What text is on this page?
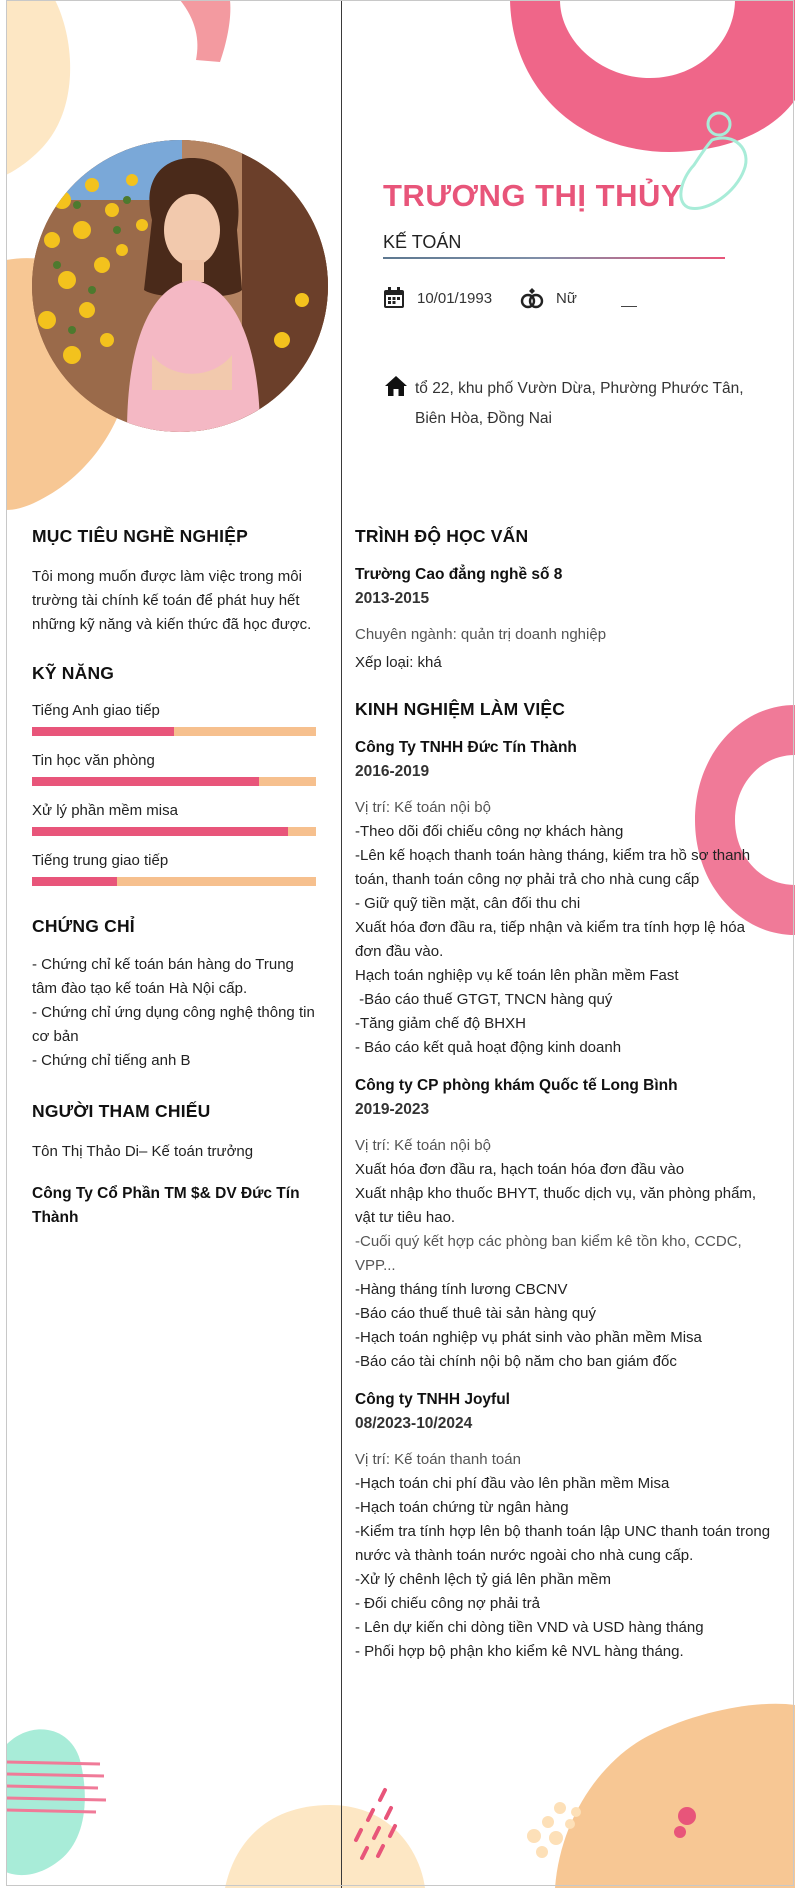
TRƯƠNG THỊ THỦY
KẾ TOÁN
10/01/1993	Nữ
tổ 22, khu phố Vườn Dừa, Phường Phước Tân, Biên Hòa, Đồng Nai
MỤC TIÊU NGHỀ NGHIỆP

Tôi mong muốn được làm việc trong môi trường tài chính kế toán để phát huy hết những kỹ năng và kiến thức đã học được.

KỸ NĂNG

Tiếng Anh giao tiếp

Tin học văn phòng

Xử lý phần mềm misa

Tiếng trung giao tiếp

CHỨNG CHỈ

- Chứng chỉ kế toán bán hàng do Trung tâm đào tạo kế toán Hà Nội cấp.

- Chứng chỉ ứng dụng công nghệ thông tin cơ bản

- Chứng chỉ tiếng anh B

NGƯỜI THAM CHIẾU

Tôn Thị Thảo Di– Kế toán trưởng

Công Ty Cổ Phần TM $& DV Đức Tín Thành

TRÌNH ĐỘ HỌC VẤN

Trường Cao đẳng nghề số 8

2013-2015

Chuyên ngành: quản trị doanh nghiệp

Xếp loại: khá

KINH NGHIỆM LÀM VIỆC

Công Ty TNHH Đức Tín Thành

2016-2019

Vị trí: Kế toán nội bộ

-Theo dõi đối chiếu công nợ khách hàng

-Lên kế hoạch thanh toán hàng tháng, kiểm tra hồ sơ thanh toán, thanh toán công nợ phải trả cho nhà cung cấp

- Giữ quỹ tiền mặt, cân đối thu chi

Xuất hóa đơn đầu ra, tiếp nhận và kiểm tra tính hợp lệ hóa đơn đầu vào.

Hạch toán nghiệp vụ kế toán lên phần mềm Fast

-Báo cáo thuế GTGT, TNCN hàng quý

-Tăng giảm chế độ BHXH

- Báo cáo kết quả hoạt động kinh doanh

Công ty CP phòng khám Quốc tế Long Bình

2019-2023

Vị trí: Kế toán nội bộ

Xuất hóa đơn đầu ra, hạch toán hóa đơn đầu vào

Xuất nhập kho thuốc BHYT, thuốc dịch vụ, văn phòng phẩm, vật tư tiêu hao.

-Cuối quý kết hợp các phòng ban kiểm kê tồn kho, CCDC, VPP...

-Hàng tháng tính lương CBCNV

-Báo cáo thuế thuê tài sản hàng quý

-Hạch toán nghiệp vụ phát sinh vào phần mềm Misa

-Báo cáo tài chính nội bộ năm cho ban giám đốc

Công ty TNHH Joyful

08/2023-10/2024

Vị trí: Kế toán thanh toán

-Hạch toán chi phí đầu vào lên phần mềm Misa

-Hạch toán chứng từ ngân hàng

-Kiểm tra tính hợp lên bộ thanh toán lập UNC thanh toán trong nước và thành toán nước ngoài cho nhà cung cấp.

-Xử lý chênh lệch tỷ giá lên phần mềm

- Đối chiếu công nợ phải trả

- Lên dự kiến chi dòng tiền VND và USD hàng tháng

- Phối hợp bộ phận kho kiểm kê NVL hàng tháng.
